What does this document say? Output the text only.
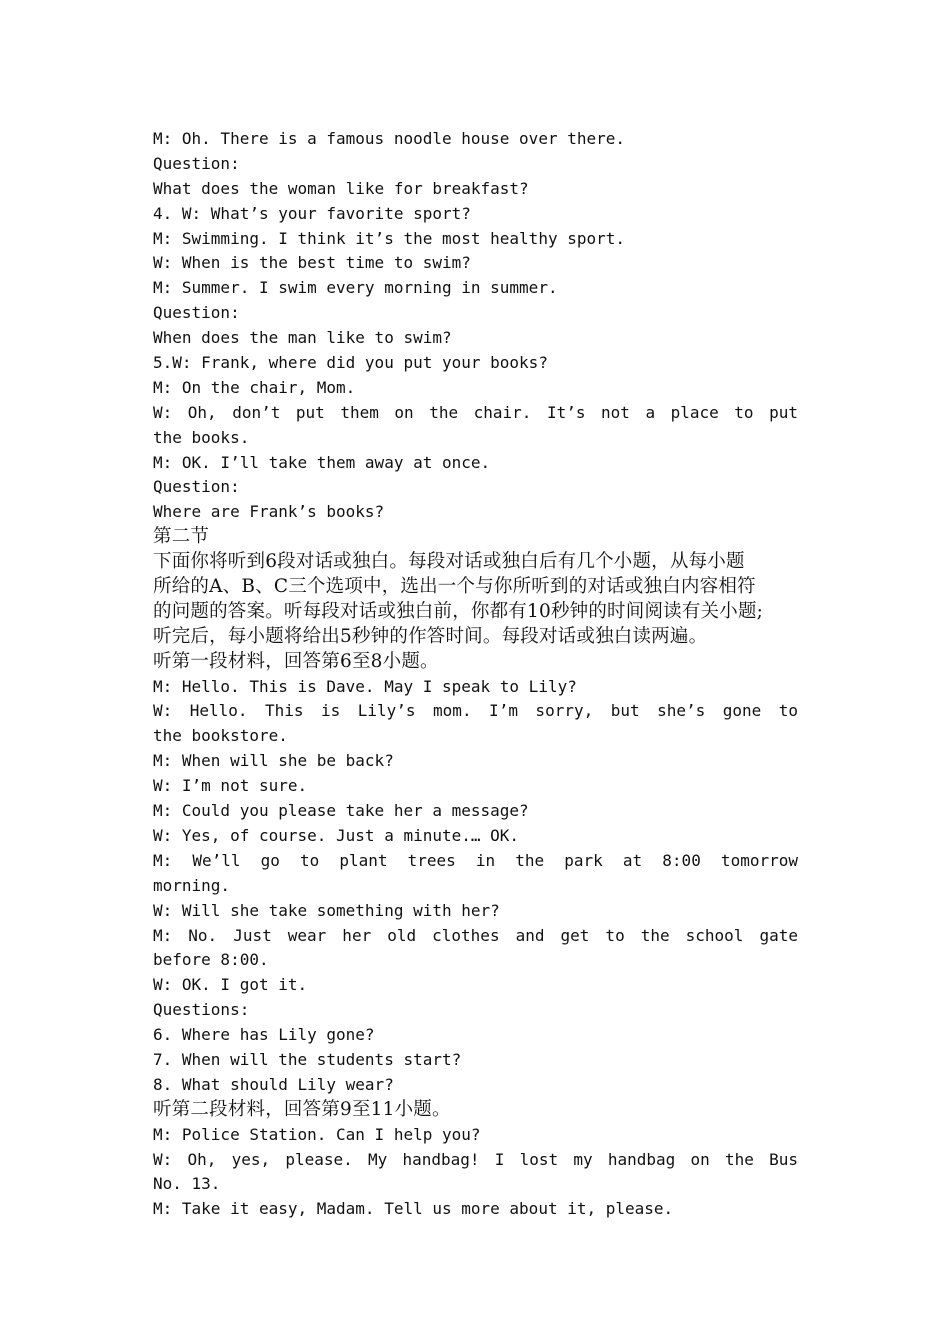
M: Oh. There is a famous noodle house over there.
Question:
What does the woman like for breakfast?
4. W: What’s your favorite sport?
M: Swimming. I think it’s the most healthy sport.
W: When is the best time to swim?
M: Summer. I swim every morning in summer.
Question:
When does the man like to swim?
5.W: Frank, where did you put your books?
M: On the chair, Mom.
W: Oh, don’t put them on the chair. It’s not a place to put
the books.
M: OK. I’ll take them away at once.
Question:
Where are Frank’s books?
第二节
下面你将听到6段对话或独白。每段对话或独白后有几个小题，从每小题
所给的A、B、C三个选项中，选出一个与你所听到的对话或独白内容相符
的问题的答案。听每段对话或独白前，你都有10秒钟的时间阅读有关小题;
听完后，每小题将给出5秒钟的作答时间。每段对话或独白读两遍。
听第一段材料，回答第6至8小题。
M: Hello. This is Dave. May I speak to Lily?
W: Hello. This is Lily’s mom. I’m sorry, but she’s gone to
the bookstore.
M: When will she be back?
W: I’m not sure.
M: Could you please take her a message?
W: Yes, of course. Just a minute.… OK.
M: We’ll go to plant trees in the park at 8:00 tomorrow
morning.
W: Will she take something with her?
M: No. Just wear her old clothes and get to the school gate
before 8:00.
W: OK. I got it.
Questions:
6. Where has Lily gone?
7. When will the students start?
8. What should Lily wear?
听第二段材料，回答第9至11小题。
M: Police Station. Can I help you?
W: Oh, yes, please. My handbag! I lost my handbag on the Bus
No. 13.
M: Take it easy, Madam. Tell us more about it, please.
